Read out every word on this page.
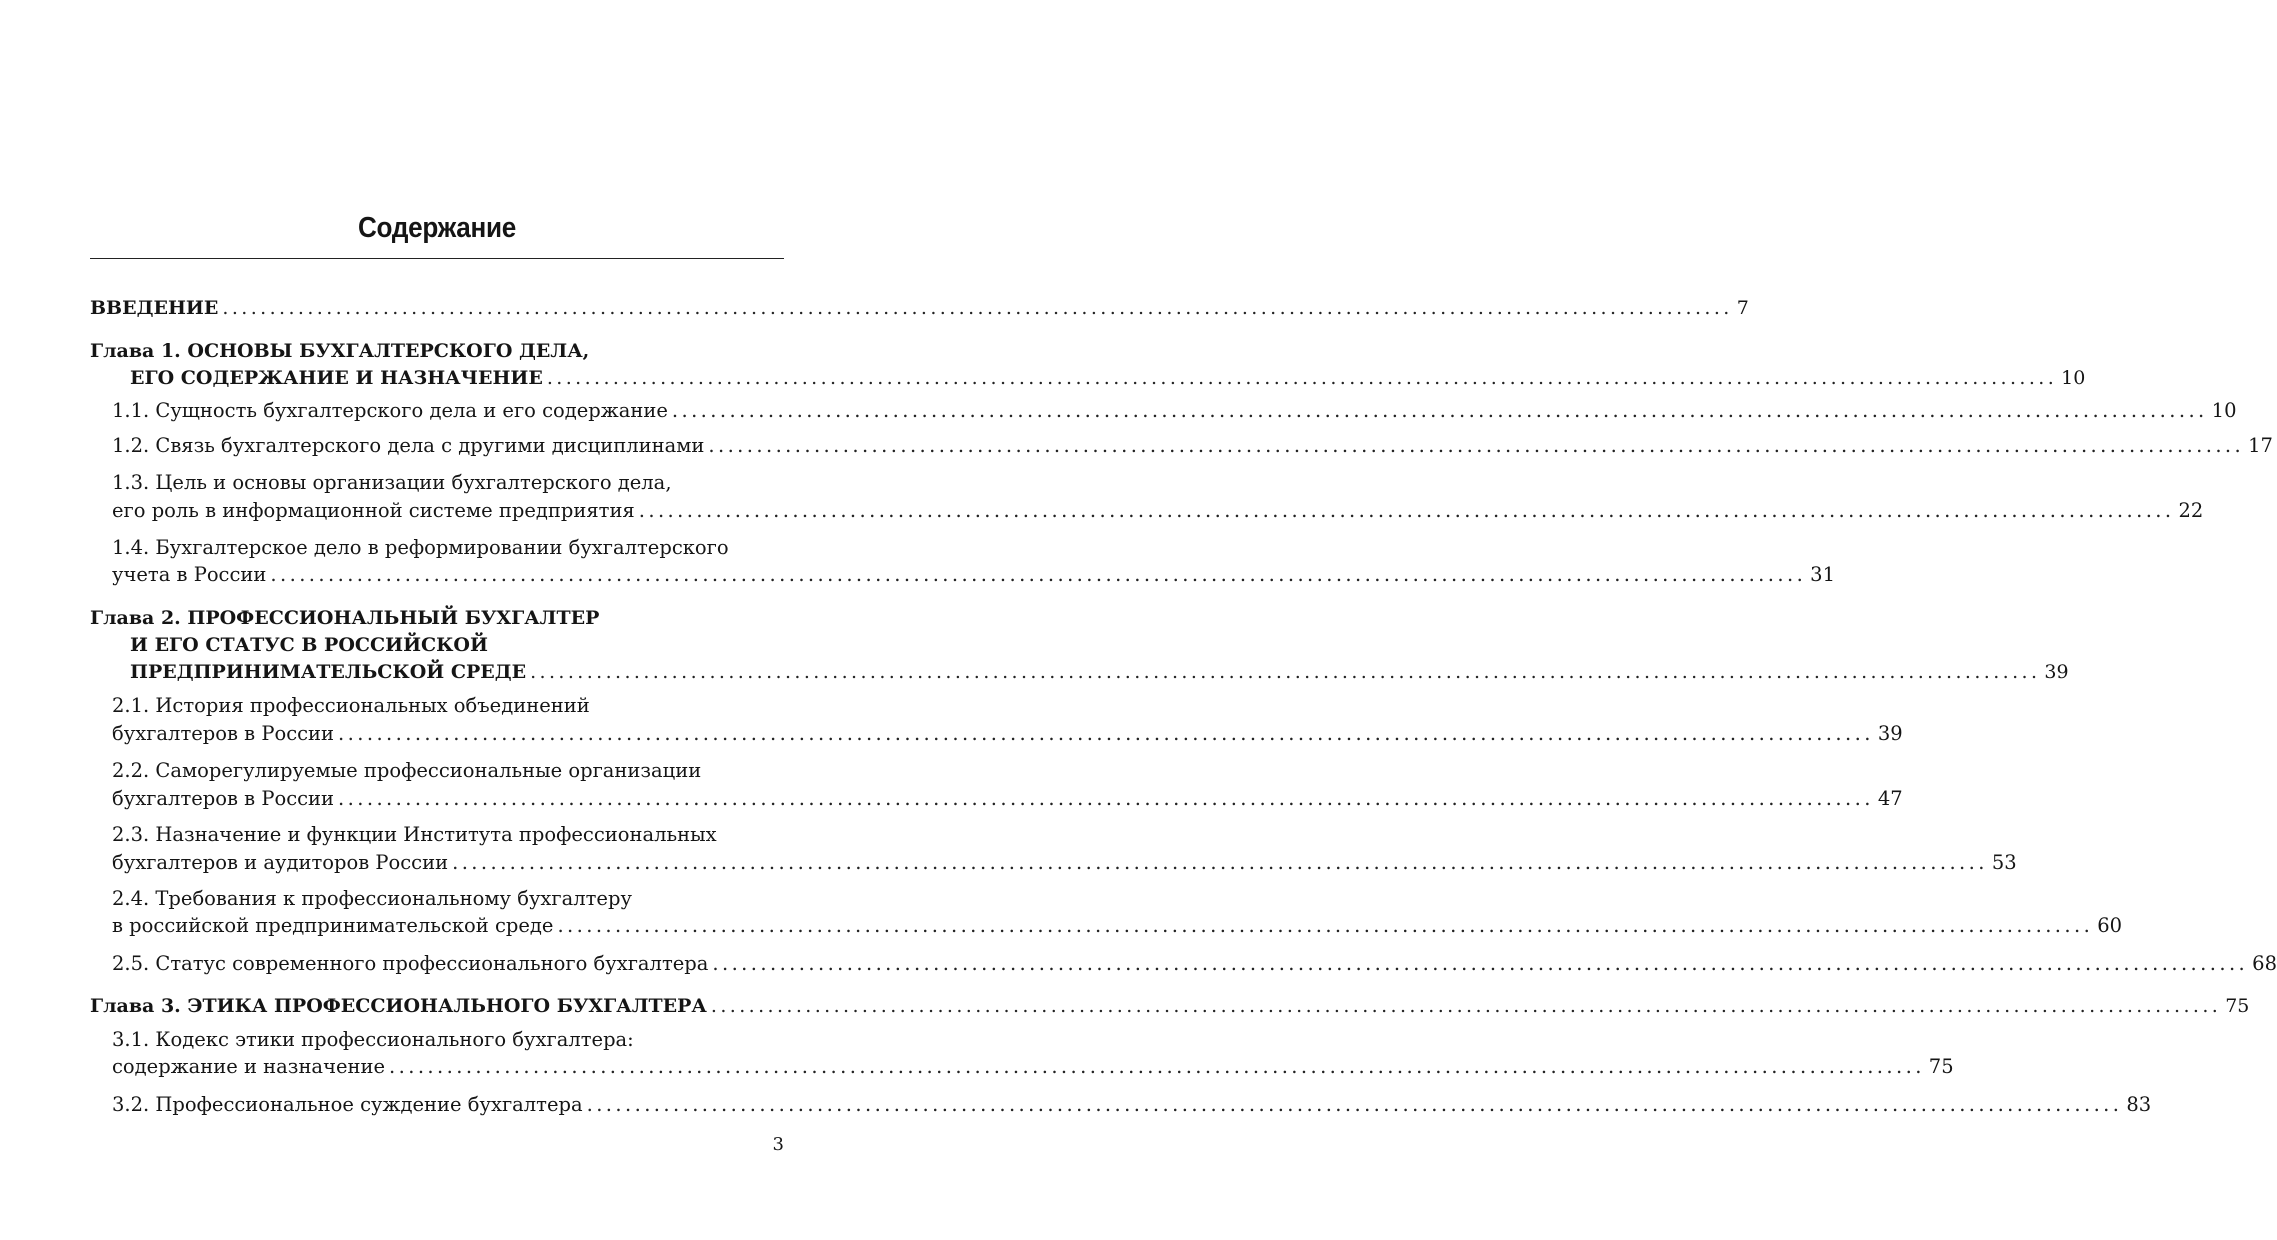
Содержание
ВВЕДЕНИЕ ................................................................................................................................................................ 7
Глава 1. ОСНОВЫ БУХГАЛТЕРСКОГО ДЕЛА,
ЕГО СОДЕРЖАНИЕ И НАЗНАЧЕНИЕ ................................................................................................................................................................ 10
1.1. Сущность бухгалтерского дела и его содержание ................................................................................................................................................................ 10
1.2. Связь бухгалтерского дела с другими дисциплинами ................................................................................................................................................................ 17
1.3. Цель и основы организации бухгалтерского дела,
его роль в информационной системе предприятия ................................................................................................................................................................ 22
1.4. Бухгалтерское дело в реформировании бухгалтерского
учета в России ................................................................................................................................................................ 31
Глава 2. ПРОФЕССИОНАЛЬНЫЙ БУХГАЛТЕР
И ЕГО СТАТУС В РОССИЙСКОЙ
ПРЕДПРИНИМАТЕЛЬСКОЙ СРЕДЕ ................................................................................................................................................................ 39
2.1. История профессиональных объединений
бухгалтеров в России ................................................................................................................................................................ 39
2.2. Саморегулируемые профессиональные организации
бухгалтеров в России ................................................................................................................................................................ 47
2.3. Назначение и функции Института профессиональных
бухгалтеров и аудиторов России ................................................................................................................................................................ 53
2.4. Требования к профессиональному бухгалтеру
в российской предпринимательской среде ................................................................................................................................................................ 60
2.5. Статус современного профессионального бухгалтера ................................................................................................................................................................ 68
Глава 3. ЭТИКА ПРОФЕССИОНАЛЬНОГО БУХГАЛТЕРА ................................................................................................................................................................ 75
3.1. Кодекс этики профессионального бухгалтера:
содержание и назначение ................................................................................................................................................................ 75
3.2. Профессиональное суждение бухгалтера ................................................................................................................................................................ 83
3
